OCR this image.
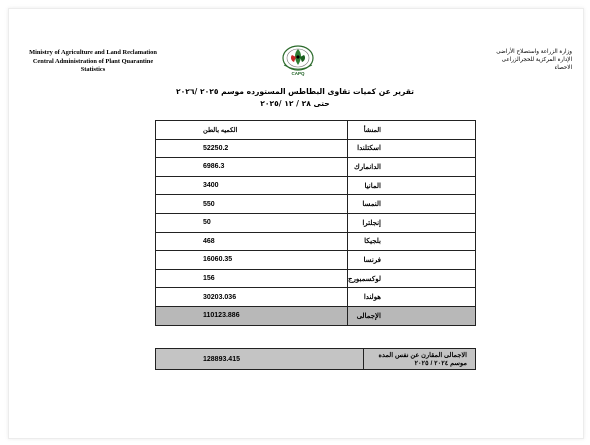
Ministry of Agriculture and Land Reclamation
Central Administration of Plant Quarantine
Statistics
CAPQ
وزارة الزراعة واستصلاح الأراضى
الإدارة المركزية للحجرالزراعى
الاحصاء
تقرير عن كميات تقاوى البطاطس المستورده موسم ٢٠٢٥ /٢٠٢٦
حتى ٢٨ / ١٢ /٢٠٢٥
الكميه بالطن	المنشأ
52250.2	اسكتلندا
6986.3	الدانمارك
3400	المانيا
550	النمسا
50	إنجلترا
468	بلجيكا
16060.35	فرنسا
156	لوكسمبورج
30203.036	هولندا
110123.886	الإجمالى
128893.415	الاجمالى المقارن عن نفس المده موسم ٢٠٢٤ / ٢٠٢٥
